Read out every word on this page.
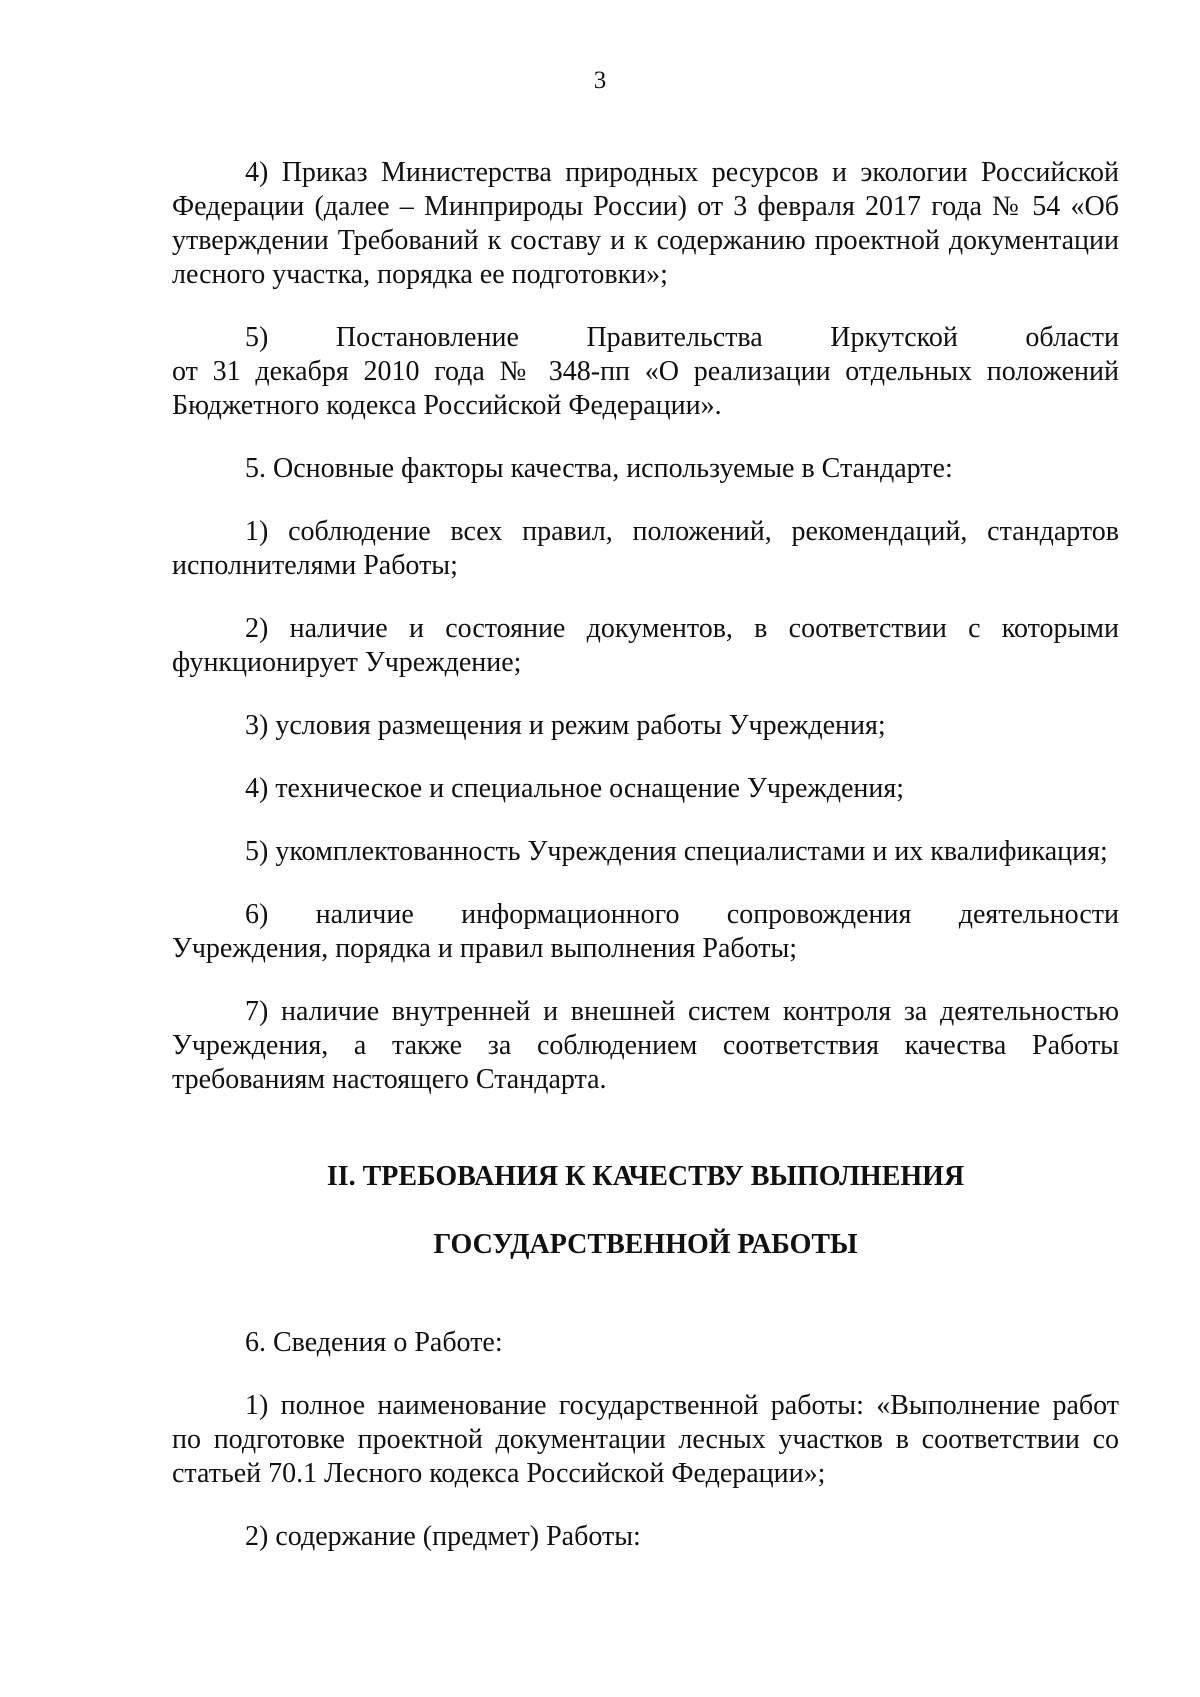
3

4) Приказ Министерства природных ресурсов и экологии Российской Федерации (далее – Минприроды России) от 3 февраля 2017 года № 54 «Об утверждении Требований к составу и к содержанию проектной документации лесного участка, порядка ее подготовки»;

5) Постановление Правительства Иркутской области
от 31 декабря 2010 года № 348-пп «О реализации отдельных положений Бюджетного кодекса Российской Федерации».

5. Основные факторы качества, используемые в Стандарте:

1) соблюдение всех правил, положений, рекомендаций, стандартов исполнителями Работы;

2) наличие и состояние документов, в соответствии с которыми функционирует Учреждение;

3) условия размещения и режим работы Учреждения;

4) техническое и специальное оснащение Учреждения;

5) укомплектованность Учреждения специалистами и их квалификация;

6) наличие информационного сопровождения деятельности Учреждения, порядка и правил выполнения Работы;

7) наличие внутренней и внешней систем контроля за деятельностью Учреждения, а также за соблюдением соответствия качества Работы требованиям настоящего Стандарта.

II. ТРЕБОВАНИЯ К КАЧЕСТВУ ВЫПОЛНЕНИЯ

ГОСУДАРСТВЕННОЙ РАБОТЫ

6. Сведения о Работе:

1) полное наименование государственной работы: «Выполнение работ по подготовке проектной документации лесных участков в соответствии со статьей 70.1 Лесного кодекса Российской Федерации»;

2) содержание (предмет) Работы:
